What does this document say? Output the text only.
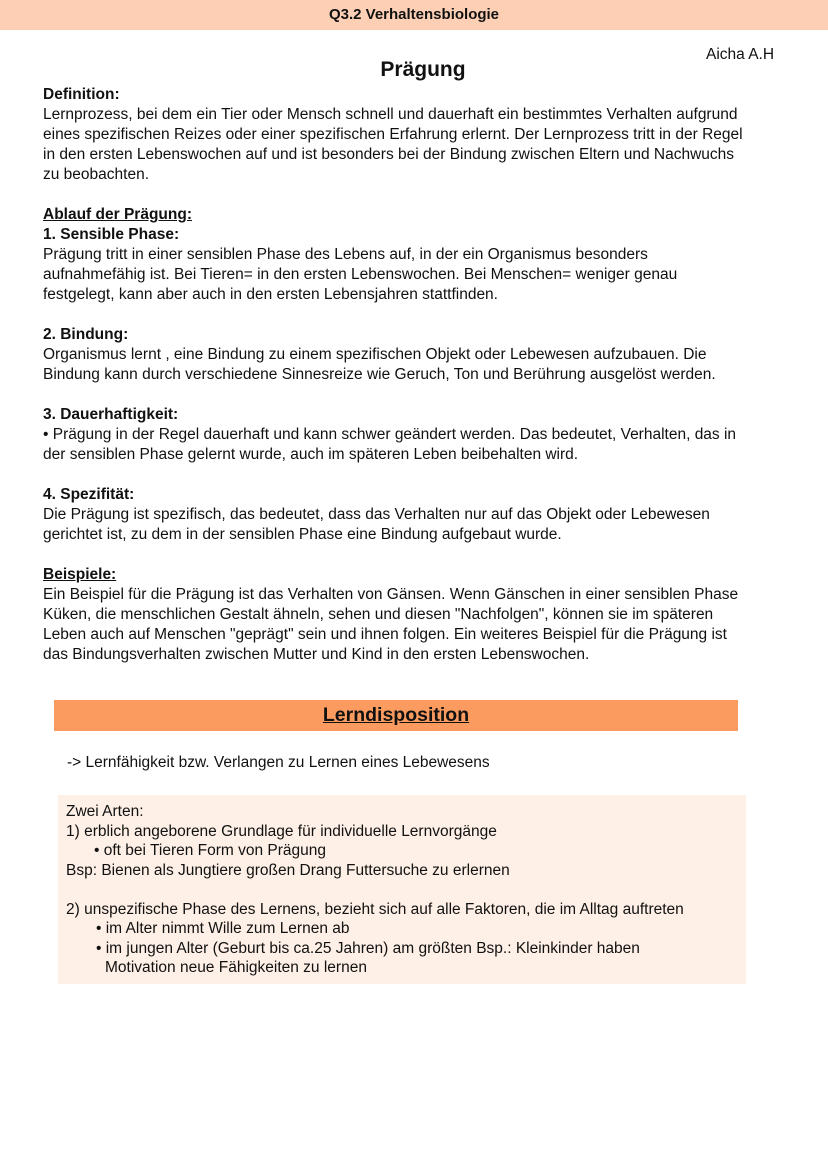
Q3.2 Verhaltensbiologie
Aicha A.H
Prägung

Definition:

Lernprozess, bei dem ein Tier oder Mensch schnell und dauerhaft ein bestimmtes Verhalten aufgrund

eines spezifischen Reizes oder einer spezifischen Erfahrung erlernt. Der Lernprozess tritt in der Regel

in den ersten Lebenswochen auf und ist besonders bei der Bindung zwischen Eltern und Nachwuchs

zu beobachten.

Ablauf der Prägung:

1. Sensible Phase:

Prägung tritt in einer sensiblen Phase des Lebens auf, in der ein Organismus besonders

aufnahmefähig ist. Bei Tieren= in den ersten Lebenswochen. Bei Menschen= weniger genau

festgelegt, kann aber auch in den ersten Lebensjahren stattfinden.

2. Bindung:

Organismus lernt , eine Bindung zu einem spezifischen Objekt oder Lebewesen aufzubauen. Die

Bindung kann durch verschiedene Sinnesreize wie Geruch, Ton und Berührung ausgelöst werden.

3. Dauerhaftigkeit:

• Prägung in der Regel dauerhaft und kann schwer geändert werden. Das bedeutet, Verhalten, das in

der sensiblen Phase gelernt wurde, auch im späteren Leben beibehalten wird.

4. Spezifität:

Die Prägung ist spezifisch, das bedeutet, dass das Verhalten nur auf das Objekt oder Lebewesen

gerichtet ist, zu dem in der sensiblen Phase eine Bindung aufgebaut wurde.

Beispiele:

Ein Beispiel für die Prägung ist das Verhalten von Gänsen. Wenn Gänschen in einer sensiblen Phase

Küken, die menschlichen Gestalt ähneln, sehen und diesen "Nachfolgen", können sie im späteren

Leben auch auf Menschen "geprägt" sein und ihnen folgen. Ein weiteres Beispiel für die Prägung ist

das Bindungsverhalten zwischen Mutter und Kind in den ersten Lebenswochen.

Lerndisposition
-> Lernfähigkeit bzw. Verlangen zu Lernen eines Lebewesens
Zwei Arten:
1) erblich angeborene Grundlage für individuelle Lernvorgänge
• oft bei Tieren Form von Prägung
Bsp: Bienen als Jungtiere großen Drang Futtersuche zu erlernen
2) unspezifische Phase des Lernens, bezieht sich auf alle Faktoren, die im Alltag auftreten
• im Alter nimmt Wille zum Lernen ab
• im jungen Alter (Geburt bis ca.25 Jahren) am größten Bsp.: Kleinkinder haben
Motivation neue Fähigkeiten zu lernen
